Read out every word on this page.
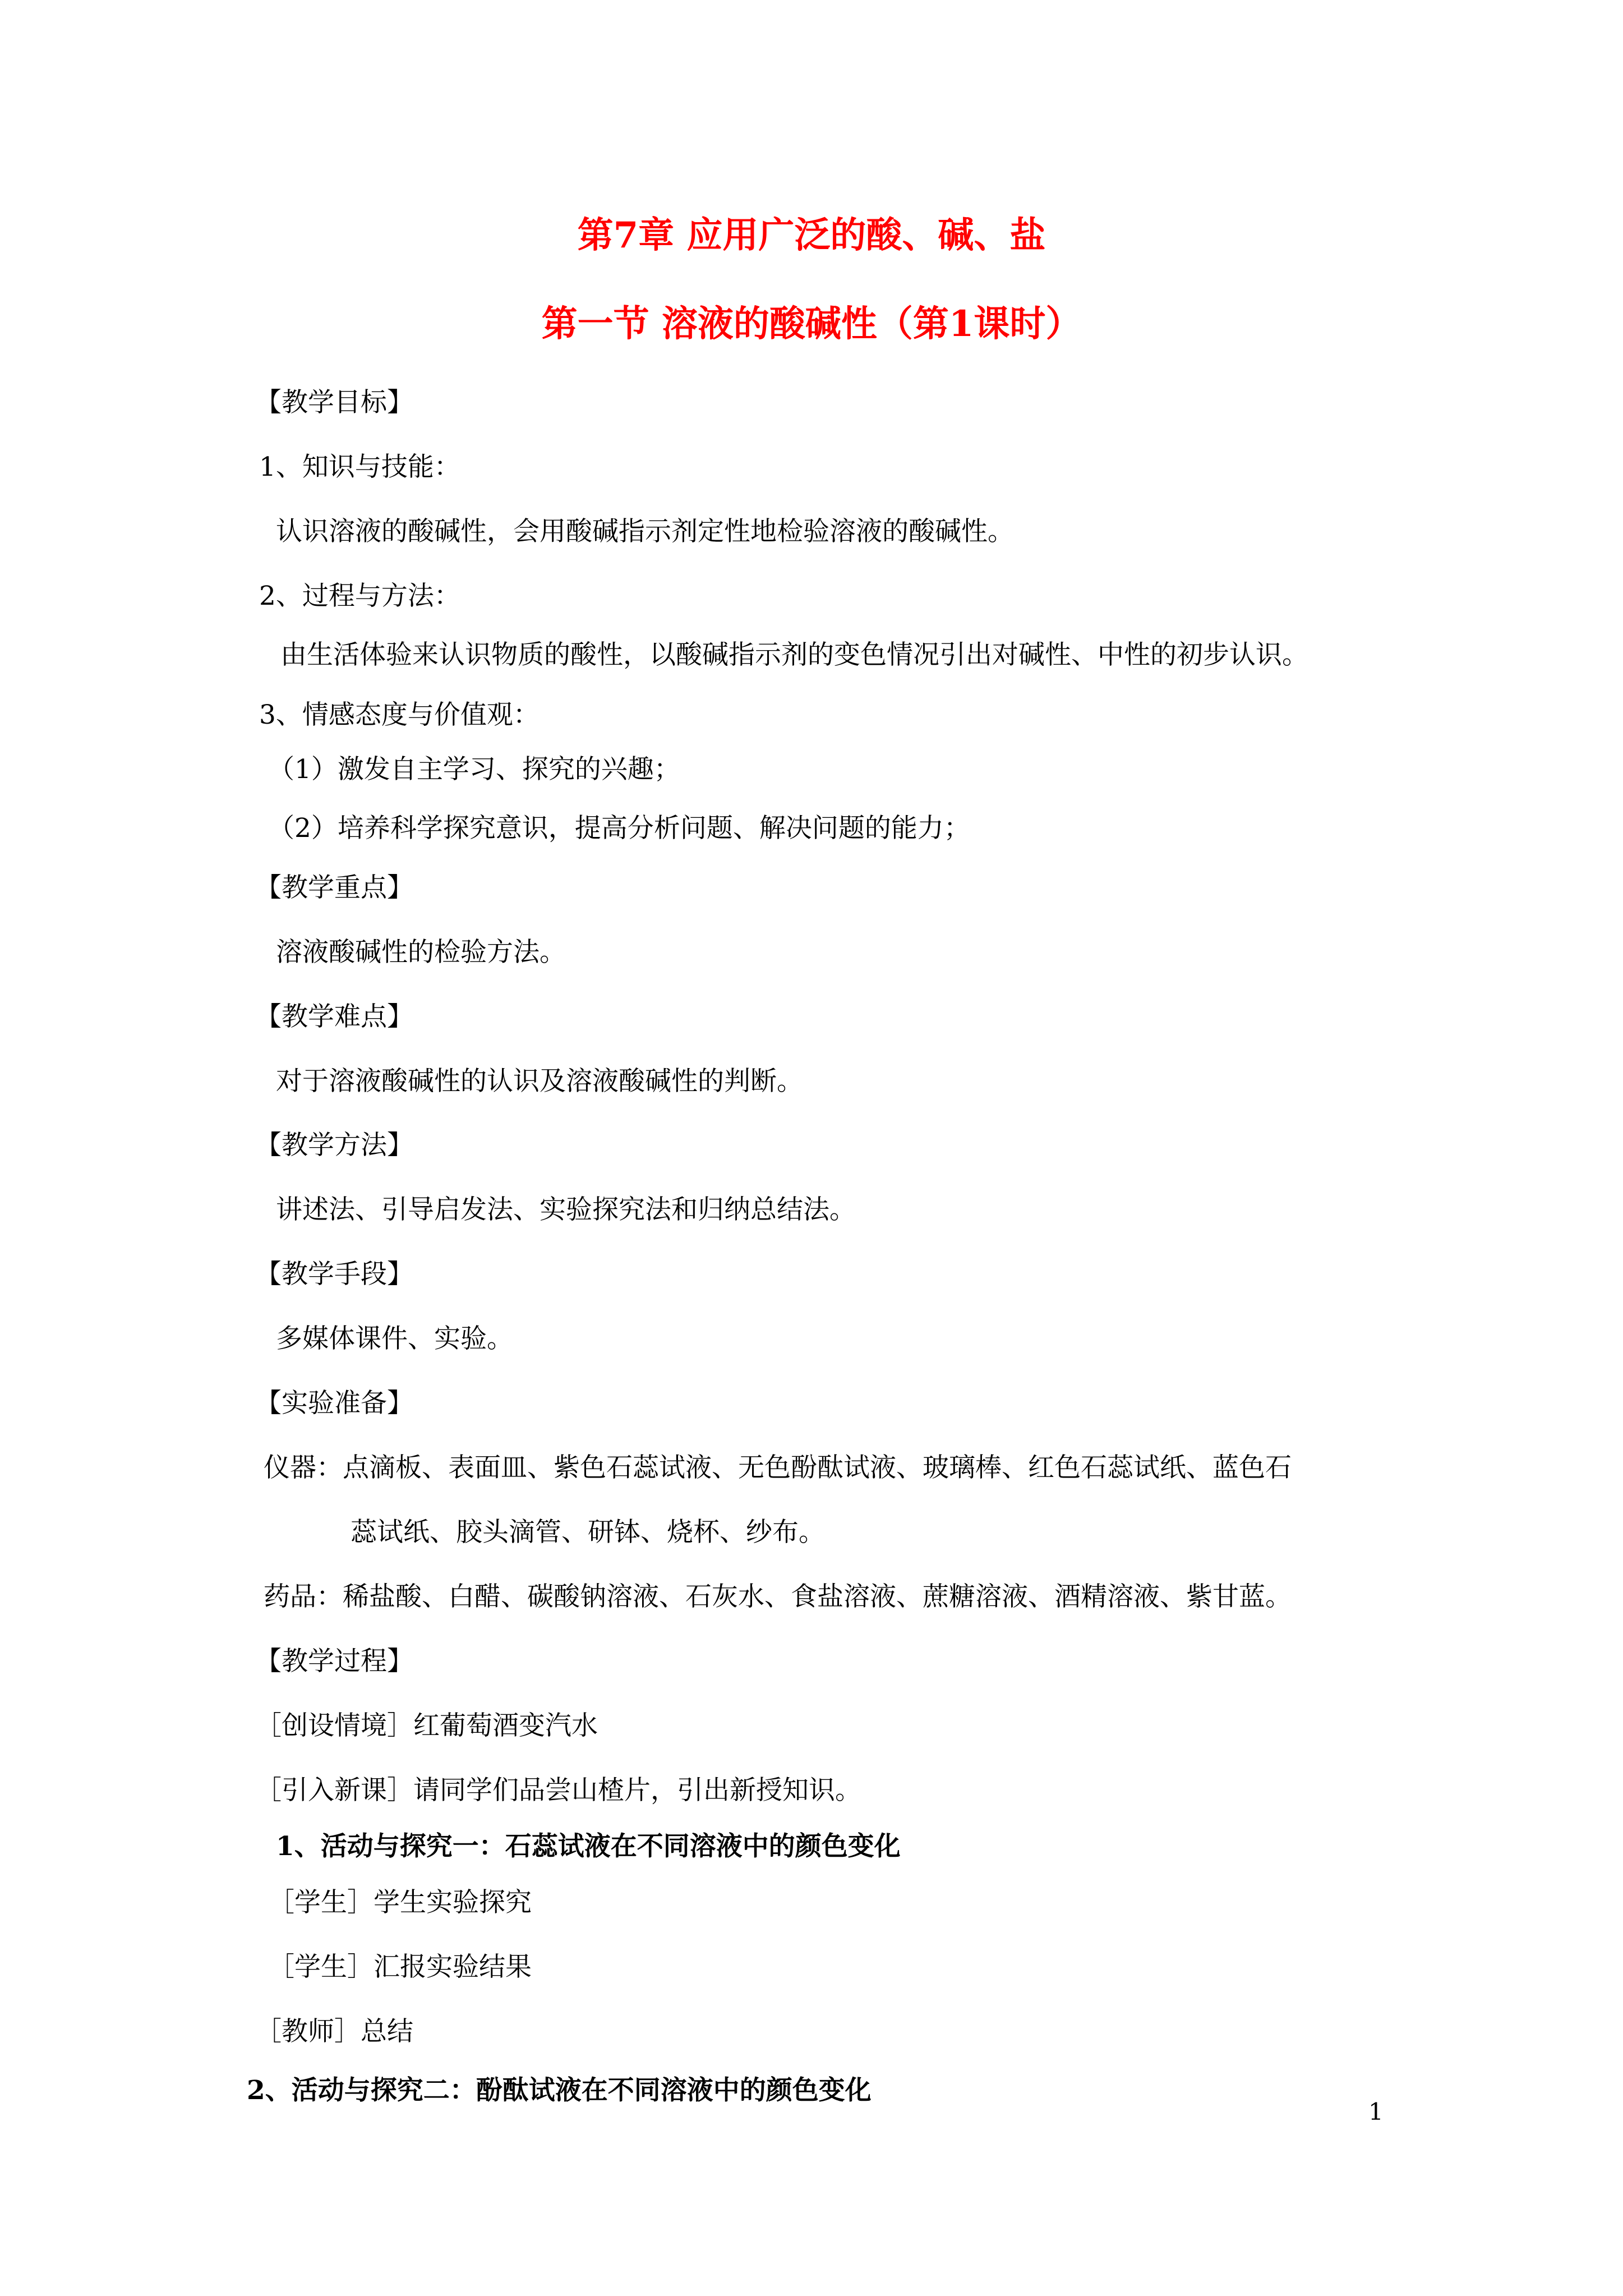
第7章 应用广泛的酸、碱、盐
第一节 溶液的酸碱性（第1课时）
【教学目标】
1、知识与技能：
认识溶液的酸碱性，会用酸碱指示剂定性地检验溶液的酸碱性。
2、过程与方法：
由生活体验来认识物质的酸性，以酸碱指示剂的变色情况引出对碱性、中性的初步认识。
3、情感态度与价值观：
（1）激发自主学习、探究的兴趣；
（2）培养科学探究意识，提高分析问题、解决问题的能力；
【教学重点】
溶液酸碱性的检验方法。
【教学难点】
对于溶液酸碱性的认识及溶液酸碱性的判断。
【教学方法】
讲述法、引导启发法、实验探究法和归纳总结法。
【教学手段】
多媒体课件、实验。
【实验准备】
仪器：点滴板、表面皿、紫色石蕊试液、无色酚酞试液、玻璃棒、红色石蕊试纸、蓝色石
蕊试纸、胶头滴管、研钵、烧杯、纱布。
药品：稀盐酸、白醋、碳酸钠溶液、石灰水、食盐溶液、蔗糖溶液、酒精溶液、紫甘蓝。
【教学过程】
［创设情境］红葡萄酒变汽水
［引入新课］请同学们品尝山楂片，引出新授知识。
1、活动与探究一：石蕊试液在不同溶液中的颜色变化
［学生］学生实验探究
［学生］汇报实验结果
［教师］总结
2、活动与探究二：酚酞试液在不同溶液中的颜色变化
1
